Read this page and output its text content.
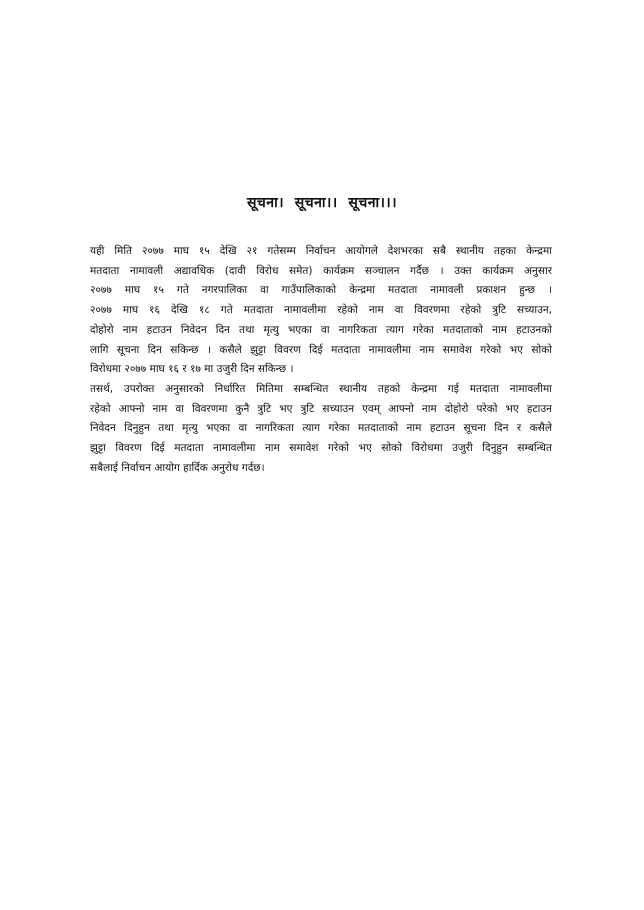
सूचना।  सूचना।।  सूचना।।।
यही मिति २०७७ माघ १५ देखि २१ गतेसम्म निर्वाचन आयोगले देशभरका सबै स्थानीय तहका केन्द्रमा
मतदाता नामावली अद्यावधिक (दावी विरोध समेत) कार्यक्रम सञ्चालन गर्दैछ । उक्त कार्यक्रम अनुसार
२०७७ माघ १५ गते नगरपालिका वा गाउँपालिकाको केन्द्रमा मतदाता नामावली प्रकाशन हुन्छ ।
२०७७ माघ १६ देखि १८ गते मतदाता नामावलीमा रहेको नाम वा विवरणमा रहेको त्रुटि सच्याउन,
दोहोरो नाम हटाउन निवेदन दिन तथा मृत्यु भएका वा नागरिकता त्याग गरेका मतदाताको नाम हटाउनको
लागि सूचना दिन सकिन्छ । कसैले झुट्टा विवरण दिई मतदाता नामावलीमा नाम समावेश गरेको भए सोको
विरोधमा २०७७ माघ १६ र १७ मा उजुरी दिन सकिन्छ ।
तसर्थ, उपरोक्त अनुसारको निर्धारित मितिमा सम्बन्धित स्थानीय तहको केन्द्रमा गई मतदाता नामावलीमा
रहेको आफ्नो नाम वा विवरणमा कुनै त्रुटि भए त्रुटि सच्याउन एवम् आफ्नो नाम दोहोरो परेको भए हटाउन
निवेदन दिनुहुन तथा मृत्यु भएका वा नागरिकता त्याग गरेका मतदाताको नाम हटाउन सूचना दिन र कसैले
झुट्टा विवरण दिई मतदाता नामावलीमा नाम समावेश गरेको भए सोको विरोधमा उजुरी दिनुहुन सम्बन्धित
सबैलाई निर्वाचन आयोग हार्दिक अनुरोध गर्दछ।
